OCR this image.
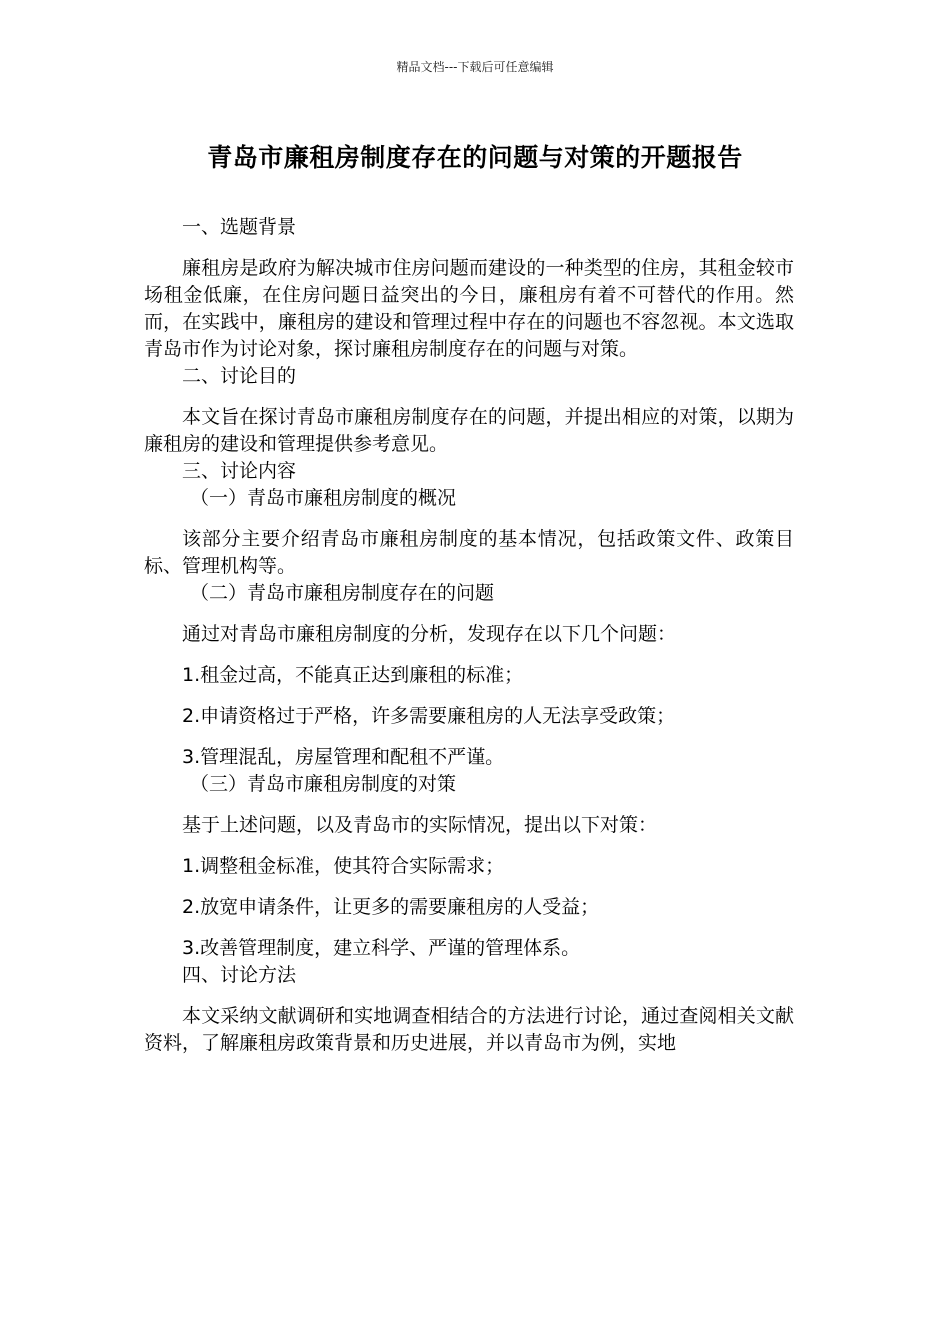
精品文档---下载后可任意编辑
青岛市廉租房制度存在的问题与对策的开题报告

一、选题背景

廉租房是政府为解决城市住房问题而建设的一种类型的住房，其租金较市场租金低廉，在住房问题日益突出的今日，廉租房有着不可替代的作用。然而，在实践中，廉租房的建设和管理过程中存在的问题也不容忽视。本文选取青岛市作为讨论对象，探讨廉租房制度存在的问题与对策。

二、讨论目的

本文旨在探讨青岛市廉租房制度存在的问题，并提出相应的对策，以期为廉租房的建设和管理提供参考意见。

三、讨论内容

（一）青岛市廉租房制度的概况

该部分主要介绍青岛市廉租房制度的基本情况，包括政策文件、政策目标、管理机构等。

（二）青岛市廉租房制度存在的问题

通过对青岛市廉租房制度的分析，发现存在以下几个问题：

1.租金过高，不能真正达到廉租的标准；

2.申请资格过于严格，许多需要廉租房的人无法享受政策；

3.管理混乱，房屋管理和配租不严谨。

（三）青岛市廉租房制度的对策

基于上述问题，以及青岛市的实际情况，提出以下对策：

1.调整租金标准，使其符合实际需求；

2.放宽申请条件，让更多的需要廉租房的人受益；

3.改善管理制度，建立科学、严谨的管理体系。

四、讨论方法

本文采纳文献调研和实地调查相结合的方法进行讨论，通过查阅相关文献资料，了解廉租房政策背景和历史进展，并以青岛市为例，实地
